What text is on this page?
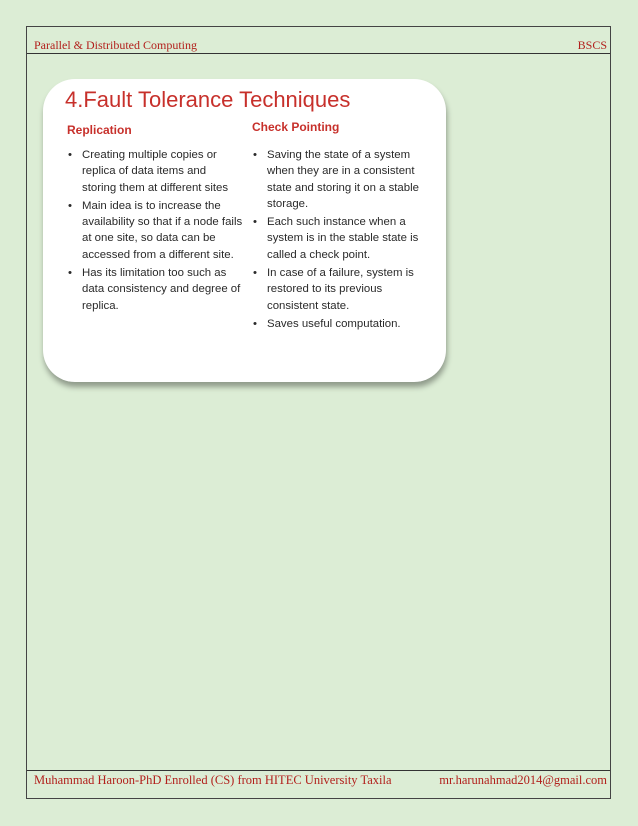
Parallel & Distributed Computing	BSCS
4.Fault Tolerance Techniques
Replication
• Creating multiple copies or replica of data items and storing them at different sites
• Main idea is to increase the availability so that if a node fails at one site, so data can be accessed from a different site.
• Has its limitation too such as data consistency and degree of replica.
Check Pointing
• Saving the state of a system when they are in a consistent state and storing it on a stable storage.
• Each such instance when a system is in the stable state is called a check point.
• In case of a failure, system is restored to its previous consistent state.
• Saves useful computation.
Muhammad Haroon-PhD Enrolled (CS) from HITEC University Taxila	mr.harunahmad2014@gmail.com
